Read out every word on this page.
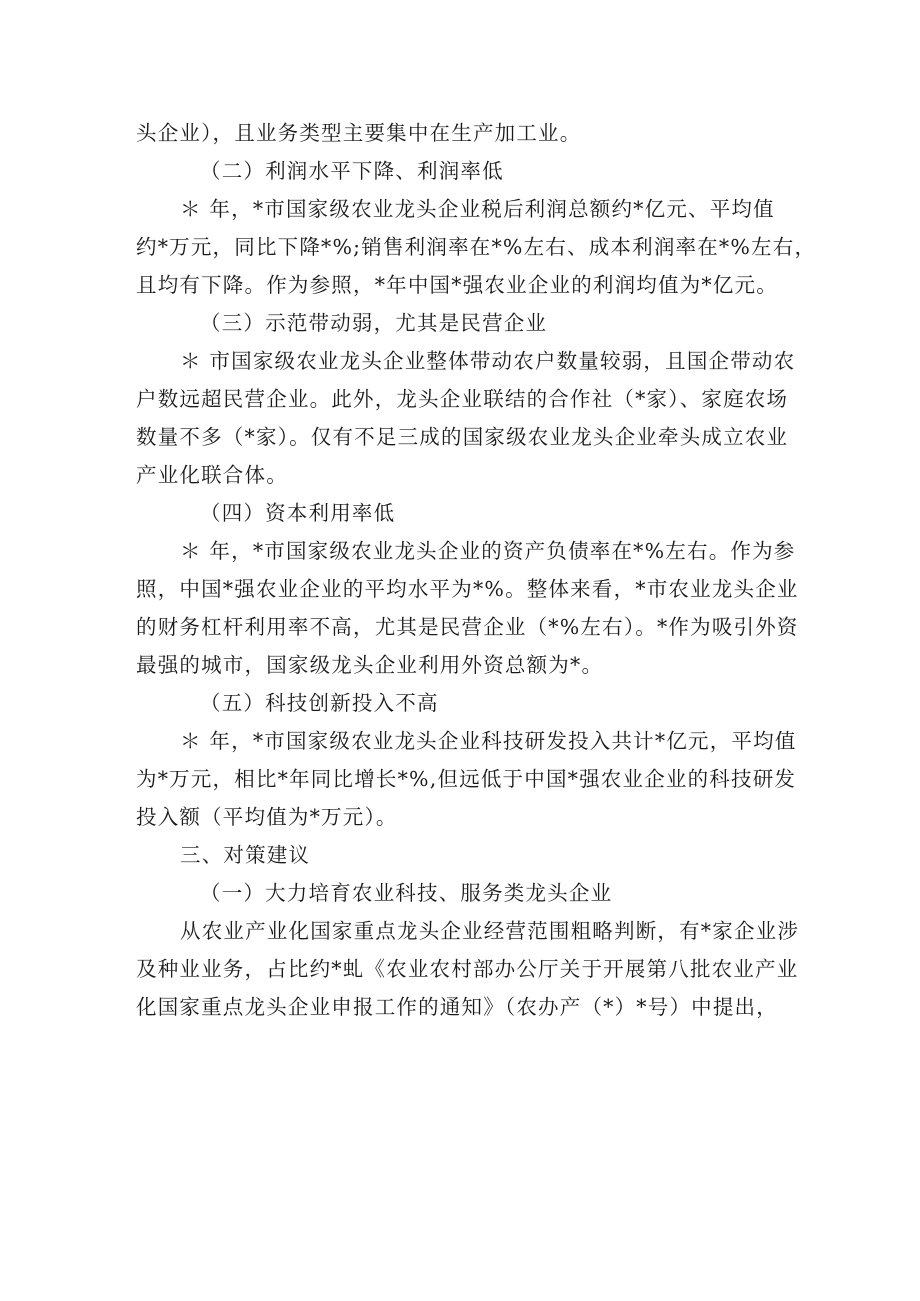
头企业），且业务类型主要集中在生产加工业。
（二）利润水平下降、利润率低
＊ 年，*市国家级农业龙头企业税后利润总额约*亿元、平均值
约*万元，同比下降*%;销售利润率在*%左右、成本利润率在*%左右，
且均有下降。作为参照，*年中国*强农业企业的利润均值为*亿元。
（三）示范带动弱，尤其是民营企业
＊ 市国家级农业龙头企业整体带动农户数量较弱，且国企带动农
户数远超民营企业。此外，龙头企业联结的合作社（*家）、家庭农场
数量不多（*家）。仅有不足三成的国家级农业龙头企业牵头成立农业
产业化联合体。
（四）资本利用率低
＊ 年，*市国家级农业龙头企业的资产负债率在*%左右。作为参
照，中国*强农业企业的平均水平为*%。整体来看，*市农业龙头企业
的财务杠杆利用率不高，尤其是民营企业（*%左右）。*作为吸引外资
最强的城市，国家级龙头企业利用外资总额为*。
（五）科技创新投入不高
＊ 年，*市国家级农业龙头企业科技研发投入共计*亿元，平均值
为*万元，相比*年同比增长*%,但远低于中国*强农业企业的科技研发
投入额（平均值为*万元）。
三、对策建议
（一）大力培育农业科技、服务类龙头企业
从农业产业化国家重点龙头企业经营范围粗略判断，有*家企业涉
及种业业务，占比约*虬《农业农村部办公厅关于开展第八批农业产业
化国家重点龙头企业申报工作的通知》（农办产（*）*号）中提出，
